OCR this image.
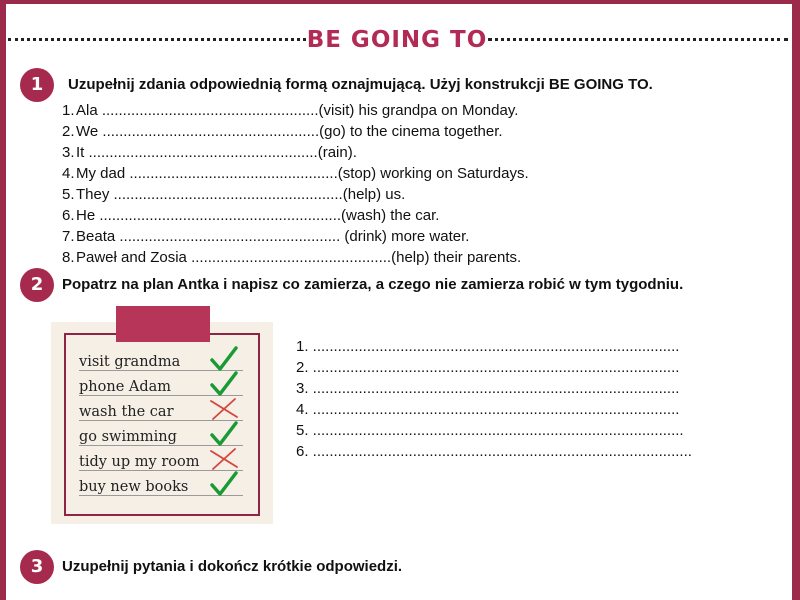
BE GOING TO
1	Uzupełnij zdania odpowiednią formą oznajmującą. Użyj konstrukcji BE GOING TO.
1.Ala ....................................................(visit) his grandpa on Monday.
2.We ....................................................(go) to the cinema together.
3.It .......................................................(rain).
4.My dad ..................................................(stop) working on Saturdays.
5.They .......................................................(help) us.
6.He ..........................................................(wash) the car.
7.Beata ..................................................... (drink) more water.
8.Paweł and Zosia ................................................(help) their parents.
2	Popatrz na plan Antka i napisz co zamierza, a czego nie zamierza robić w tym tygodniu.
visit grandma
phone Adam
wash the car
go swimming
tidy up my room
buy new books
1. ........................................................................................
2. ........................................................................................
3. ........................................................................................
4. ........................................................................................
5. .........................................................................................
6. ...........................................................................................
3	Uzupełnij pytania i dokończ krótkie odpowiedzi.
